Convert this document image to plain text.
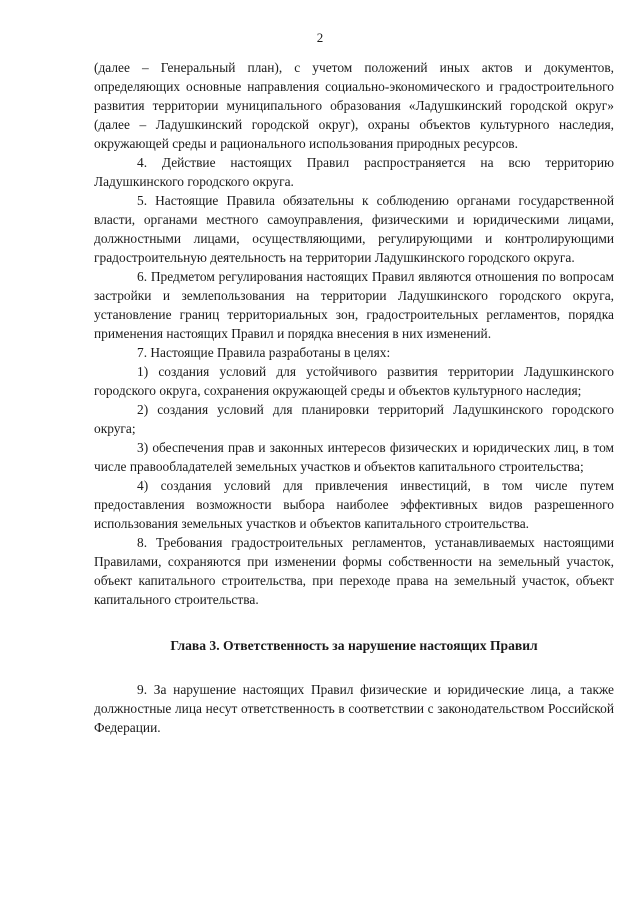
2

(далее – Генеральный план), с учетом положений иных актов и документов, определяющих основные направления социально-экономического и градостроительного развития территории муниципального образования «Ладушкинский городской округ» (далее – Ладушкинский городской округ), охраны объектов культурного наследия, окружающей среды и рационального использования природных ресурсов.

4. Действие настоящих Правил распространяется на всю территорию Ладушкинского городского округа.

5. Настоящие Правила обязательны к соблюдению органами государственной власти, органами местного самоуправления, физическими и юридическими лицами, должностными лицами, осуществляющими, регулирующими и контролирующими градостроительную деятельность на территории Ладушкинского городского округа.

6. Предметом регулирования настоящих Правил являются отношения по вопросам застройки и землепользования на территории Ладушкинского городского округа, установление границ территориальных зон, градостроительных регламентов, порядка применения настоящих Правил и порядка внесения в них изменений.

7. Настоящие Правила разработаны в целях:

1) создания условий для устойчивого развития территории Ладушкинского городского округа, сохранения окружающей среды и объектов культурного наследия;

2) создания условий для планировки территорий Ладушкинского городского округа;

3) обеспечения прав и законных интересов физических и юридических лиц, в том числе правообладателей земельных участков и объектов капитального строительства;

4) создания условий для привлечения инвестиций, в том числе путем предоставления возможности выбора наиболее эффективных видов разрешенного использования земельных участков и объектов капитального строительства.

8. Требования градостроительных регламентов, устанавливаемых настоящими Правилами, сохраняются при изменении формы собственности на земельный участок, объект капитального строительства, при переходе права на земельный участок, объект капитального строительства.

Глава 3. Ответственность за нарушение настоящих Правил

9. За нарушение настоящих Правил физические и юридические лица, а также должностные лица несут ответственность в соответствии с законодательством Российской Федерации.
